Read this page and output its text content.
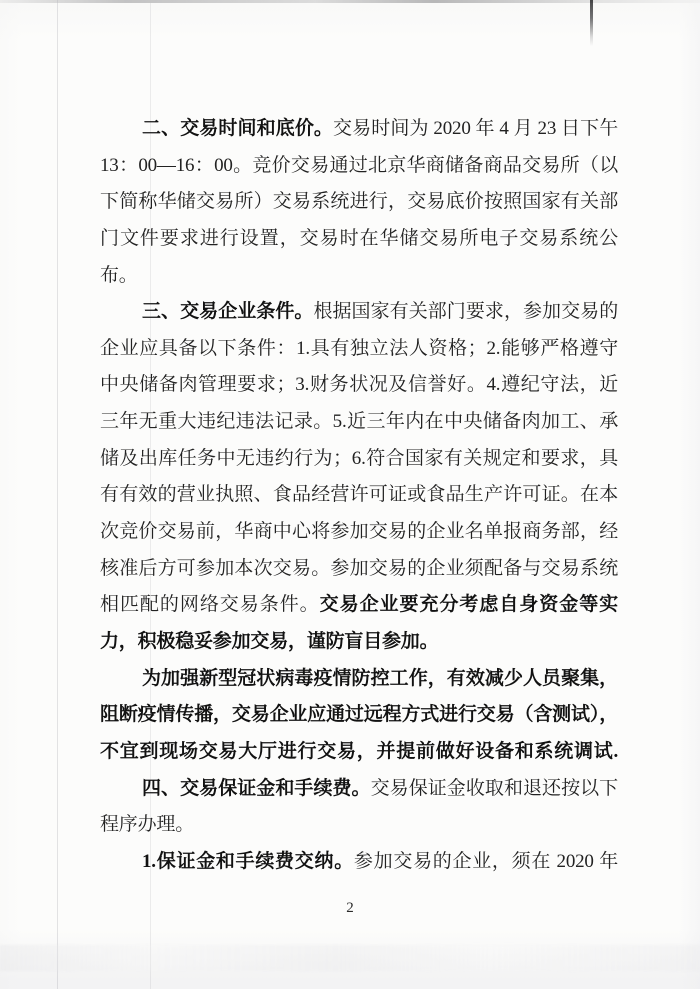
二、交易时间和底价。交易时间为 2020 年 4 月 23 日下午
13：00—16：00。竞价交易通过北京华商储备商品交易所（以
下简称华储交易所）交易系统进行，交易底价按照国家有关部
门文件要求进行设置，交易时在华储交易所电子交易系统公
布。
三、交易企业条件。根据国家有关部门要求，参加交易的
企业应具备以下条件：1.具有独立法人资格；2.能够严格遵守
中央储备肉管理要求；3.财务状况及信誉好。4.遵纪守法，近
三年无重大违纪违法记录。5.近三年内在中央储备肉加工、承
储及出库任务中无违约行为；6.符合国家有关规定和要求，具
有有效的营业执照、食品经营许可证或食品生产许可证。在本
次竞价交易前，华商中心将参加交易的企业名单报商务部，经
核准后方可参加本次交易。参加交易的企业须配备与交易系统
相匹配的网络交易条件。交易企业要充分考虑自身资金等实
力，积极稳妥参加交易，谨防盲目参加。
为加强新型冠状病毒疫情防控工作，有效减少人员聚集，
阻断疫情传播，交易企业应通过远程方式进行交易（含测试），
不宜到现场交易大厅进行交易，并提前做好设备和系统调试.
四、交易保证金和手续费。交易保证金收取和退还按以下
程序办理。
1.保证金和手续费交纳。参加交易的企业，须在 2020 年
2
